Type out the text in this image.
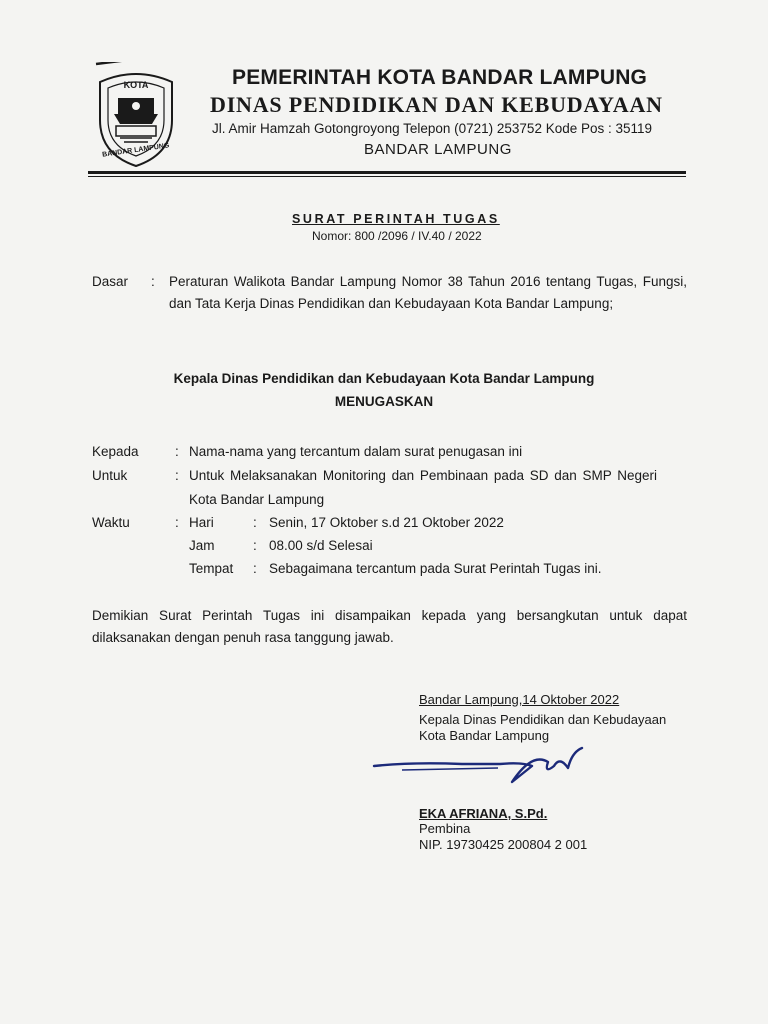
KOTA
BANDAR LAMPUNG
PEMERINTAH KOTA BANDAR LAMPUNG
DINAS PENDIDIKAN DAN KEBUDAYAAN
Jl. Amir Hamzah Gotongroyong Telepon (0721) 253752 Kode Pos : 35119
BANDAR LAMPUNG
SURAT PERINTAH TUGAS
Nomor: 800 /2096 / IV.40 / 2022
Dasar : Peraturan Walikota Bandar Lampung Nomor 38 Tahun 2016 tentang Tugas, Fungsi, dan Tata Kerja Dinas Pendidikan dan Kebudayaan Kota Bandar Lampung;
Kepala Dinas Pendidikan dan Kebudayaan Kota Bandar Lampung
MENUGASKAN
Kepada	: Nama-nama yang tercantum dalam surat penugasan ini
Untuk	: Untuk Melaksanakan Monitoring dan Pembinaan pada SD dan SMP Negeri
Kota Bandar Lampung
Waktu	: Hari	: Senin, 17 Oktober s.d 21 Oktober 2022
Jam	: 08.00 s/d Selesai
Tempat : Sebagaimana tercantum pada Surat Perintah Tugas ini.
Demikian Surat Perintah Tugas ini disampaikan kepada yang bersangkutan untuk dapat dilaksanakan dengan penuh rasa tanggung jawab.
Bandar Lampung,14 Oktober 2022
Kepala Dinas Pendidikan dan Kebudayaan
Kota Bandar Lampung
EKA AFRIANA, S.Pd.
Pembina
NIP. 19730425 200804 2 001
